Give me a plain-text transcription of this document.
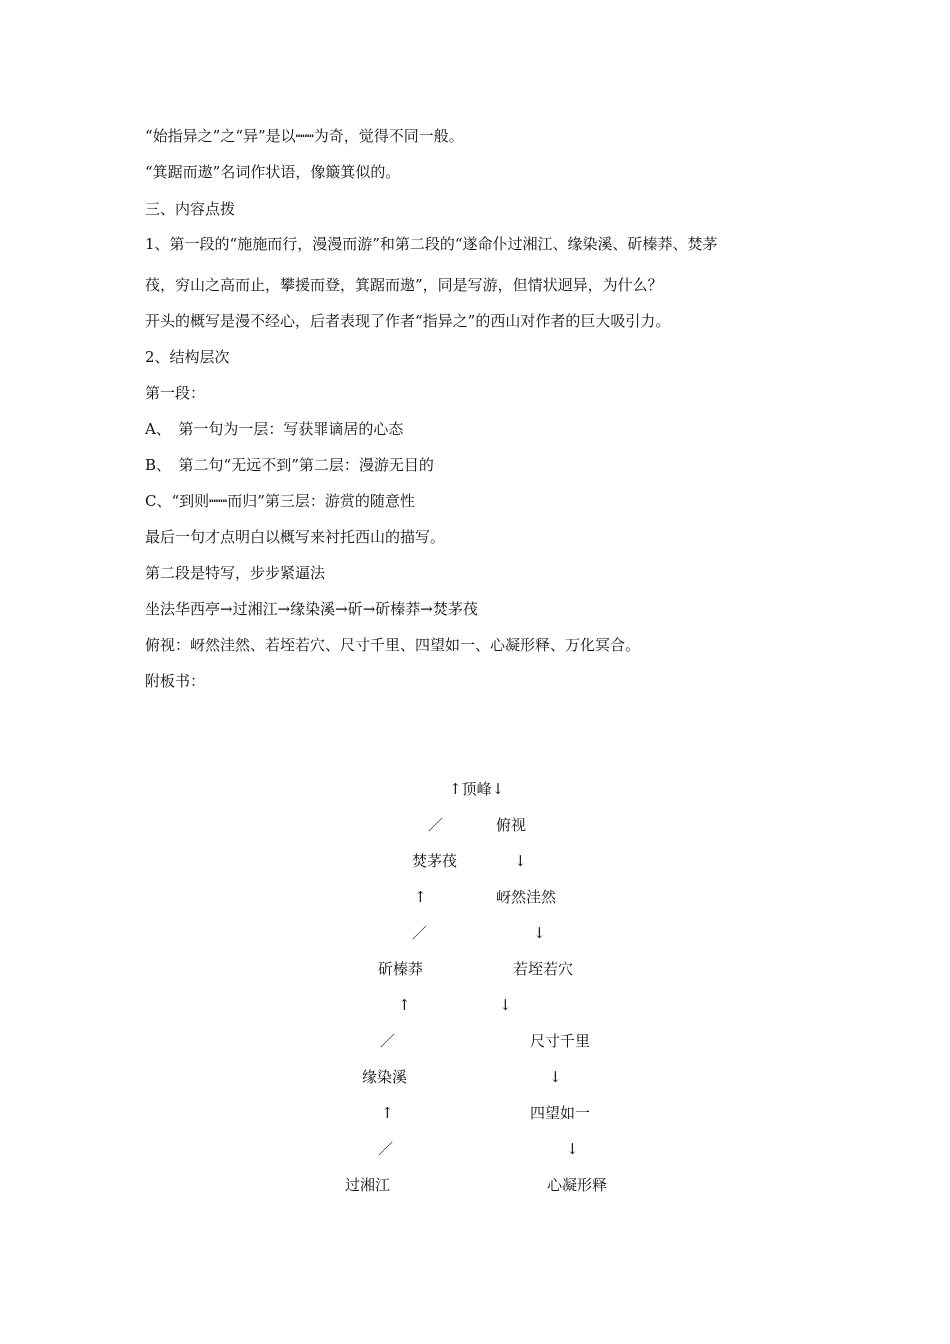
“始指异之”之“异”是以┉┉为奇，觉得不同一般。
“箕踞而遨”名词作状语，像簸箕似的。
三、内容点拨
1、第一段的“施施而行，漫漫而游”和第二段的“遂命仆过湘江、缘染溪、斫榛莽、焚茅
茷，穷山之高而止，攀援而登，箕踞而遨”，同是写游，但情状迥异，为什么？
开头的概写是漫不经心，后者表现了作者“指异之”的西山对作者的巨大吸引力。
2、结构层次
第一段：
A、　第一句为一层：写获罪谪居的心态
B、　第二句“无远不到”第二层：漫游无目的
C、“到则┉┉而归”第三层：游赏的随意性
最后一句才点明白以概写来衬托西山的描写。
第二段是特写，步步紧逼法
坐法华西亭→过湘江→缘染溪→斫→斫榛莽→焚茅茷
俯视：岈然洼然、若垤若穴、尺寸千里、四望如一、心凝形释、万化冥合。
附板书：
↑顶峰↓
／
焚茅茷
↑
／
斫榛莽
↑
／
缘染溪
↑
／
过湘江
俯视
↓
岈然洼然
↓
若垤若穴
↓
尺寸千里
↓
四望如一
↓
心凝形释
